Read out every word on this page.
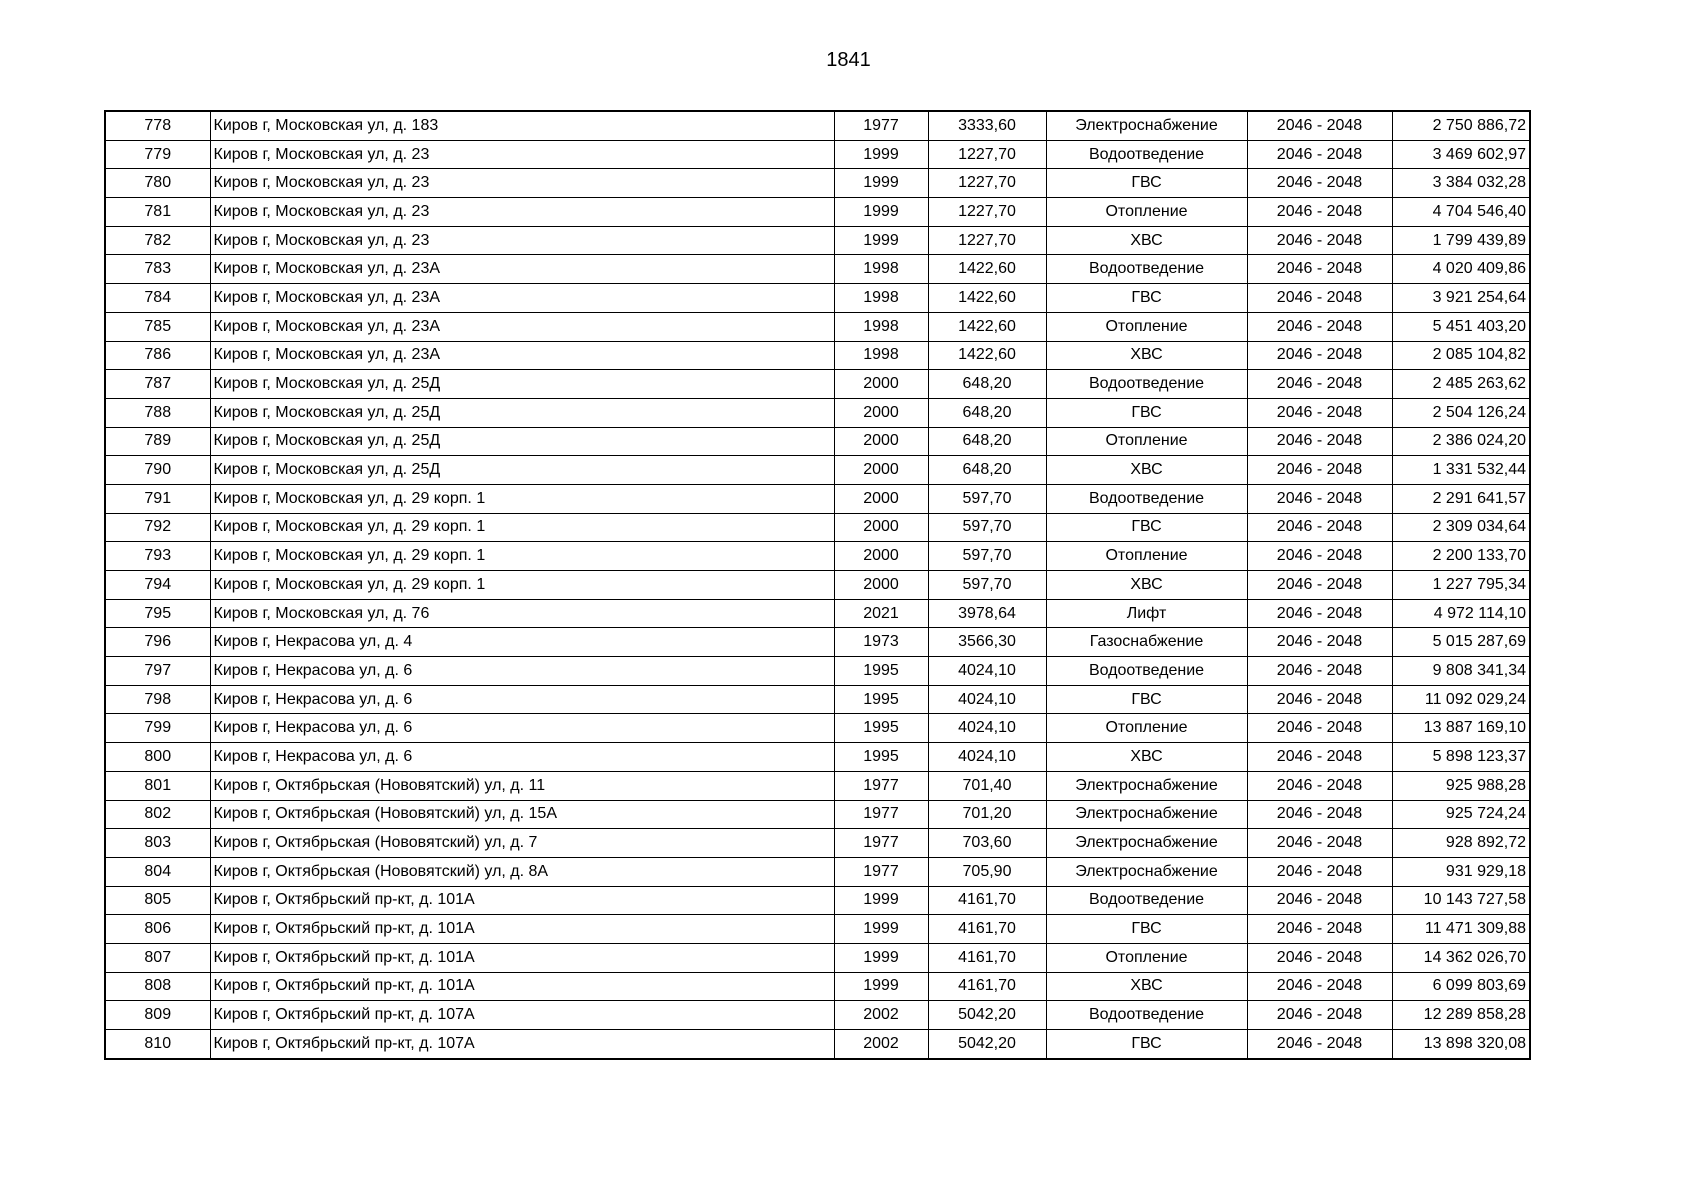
1841
778	Киров г, Московская ул, д. 183	1977	3333,60	Электроснабжение	2046 - 2048	2 750 886,72
779	Киров г, Московская ул, д. 23	1999	1227,70	Водоотведение	2046 - 2048	3 469 602,97
780	Киров г, Московская ул, д. 23	1999	1227,70	ГВС	2046 - 2048	3 384 032,28
781	Киров г, Московская ул, д. 23	1999	1227,70	Отопление	2046 - 2048	4 704 546,40
782	Киров г, Московская ул, д. 23	1999	1227,70	ХВС	2046 - 2048	1 799 439,89
783	Киров г, Московская ул, д. 23А	1998	1422,60	Водоотведение	2046 - 2048	4 020 409,86
784	Киров г, Московская ул, д. 23А	1998	1422,60	ГВС	2046 - 2048	3 921 254,64
785	Киров г, Московская ул, д. 23А	1998	1422,60	Отопление	2046 - 2048	5 451 403,20
786	Киров г, Московская ул, д. 23А	1998	1422,60	ХВС	2046 - 2048	2 085 104,82
787	Киров г, Московская ул, д. 25Д	2000	648,20	Водоотведение	2046 - 2048	2 485 263,62
788	Киров г, Московская ул, д. 25Д	2000	648,20	ГВС	2046 - 2048	2 504 126,24
789	Киров г, Московская ул, д. 25Д	2000	648,20	Отопление	2046 - 2048	2 386 024,20
790	Киров г, Московская ул, д. 25Д	2000	648,20	ХВС	2046 - 2048	1 331 532,44
791	Киров г, Московская ул, д. 29 корп. 1	2000	597,70	Водоотведение	2046 - 2048	2 291 641,57
792	Киров г, Московская ул, д. 29 корп. 1	2000	597,70	ГВС	2046 - 2048	2 309 034,64
793	Киров г, Московская ул, д. 29 корп. 1	2000	597,70	Отопление	2046 - 2048	2 200 133,70
794	Киров г, Московская ул, д. 29 корп. 1	2000	597,70	ХВС	2046 - 2048	1 227 795,34
795	Киров г, Московская ул, д. 76	2021	3978,64	Лифт	2046 - 2048	4 972 114,10
796	Киров г, Некрасова ул, д. 4	1973	3566,30	Газоснабжение	2046 - 2048	5 015 287,69
797	Киров г, Некрасова ул, д. 6	1995	4024,10	Водоотведение	2046 - 2048	9 808 341,34
798	Киров г, Некрасова ул, д. 6	1995	4024,10	ГВС	2046 - 2048	11 092 029,24
799	Киров г, Некрасова ул, д. 6	1995	4024,10	Отопление	2046 - 2048	13 887 169,10
800	Киров г, Некрасова ул, д. 6	1995	4024,10	ХВС	2046 - 2048	5 898 123,37
801	Киров г, Октябрьская (Нововятский) ул, д. 11	1977	701,40	Электроснабжение	2046 - 2048	925 988,28
802	Киров г, Октябрьская (Нововятский) ул, д. 15А	1977	701,20	Электроснабжение	2046 - 2048	925 724,24
803	Киров г, Октябрьская (Нововятский) ул, д. 7	1977	703,60	Электроснабжение	2046 - 2048	928 892,72
804	Киров г, Октябрьская (Нововятский) ул, д. 8А	1977	705,90	Электроснабжение	2046 - 2048	931 929,18
805	Киров г, Октябрьский пр-кт, д. 101А	1999	4161,70	Водоотведение	2046 - 2048	10 143 727,58
806	Киров г, Октябрьский пр-кт, д. 101А	1999	4161,70	ГВС	2046 - 2048	11 471 309,88
807	Киров г, Октябрьский пр-кт, д. 101А	1999	4161,70	Отопление	2046 - 2048	14 362 026,70
808	Киров г, Октябрьский пр-кт, д. 101А	1999	4161,70	ХВС	2046 - 2048	6 099 803,69
809	Киров г, Октябрьский пр-кт, д. 107А	2002	5042,20	Водоотведение	2046 - 2048	12 289 858,28
810	Киров г, Октябрьский пр-кт, д. 107А	2002	5042,20	ГВС	2046 - 2048	13 898 320,08
